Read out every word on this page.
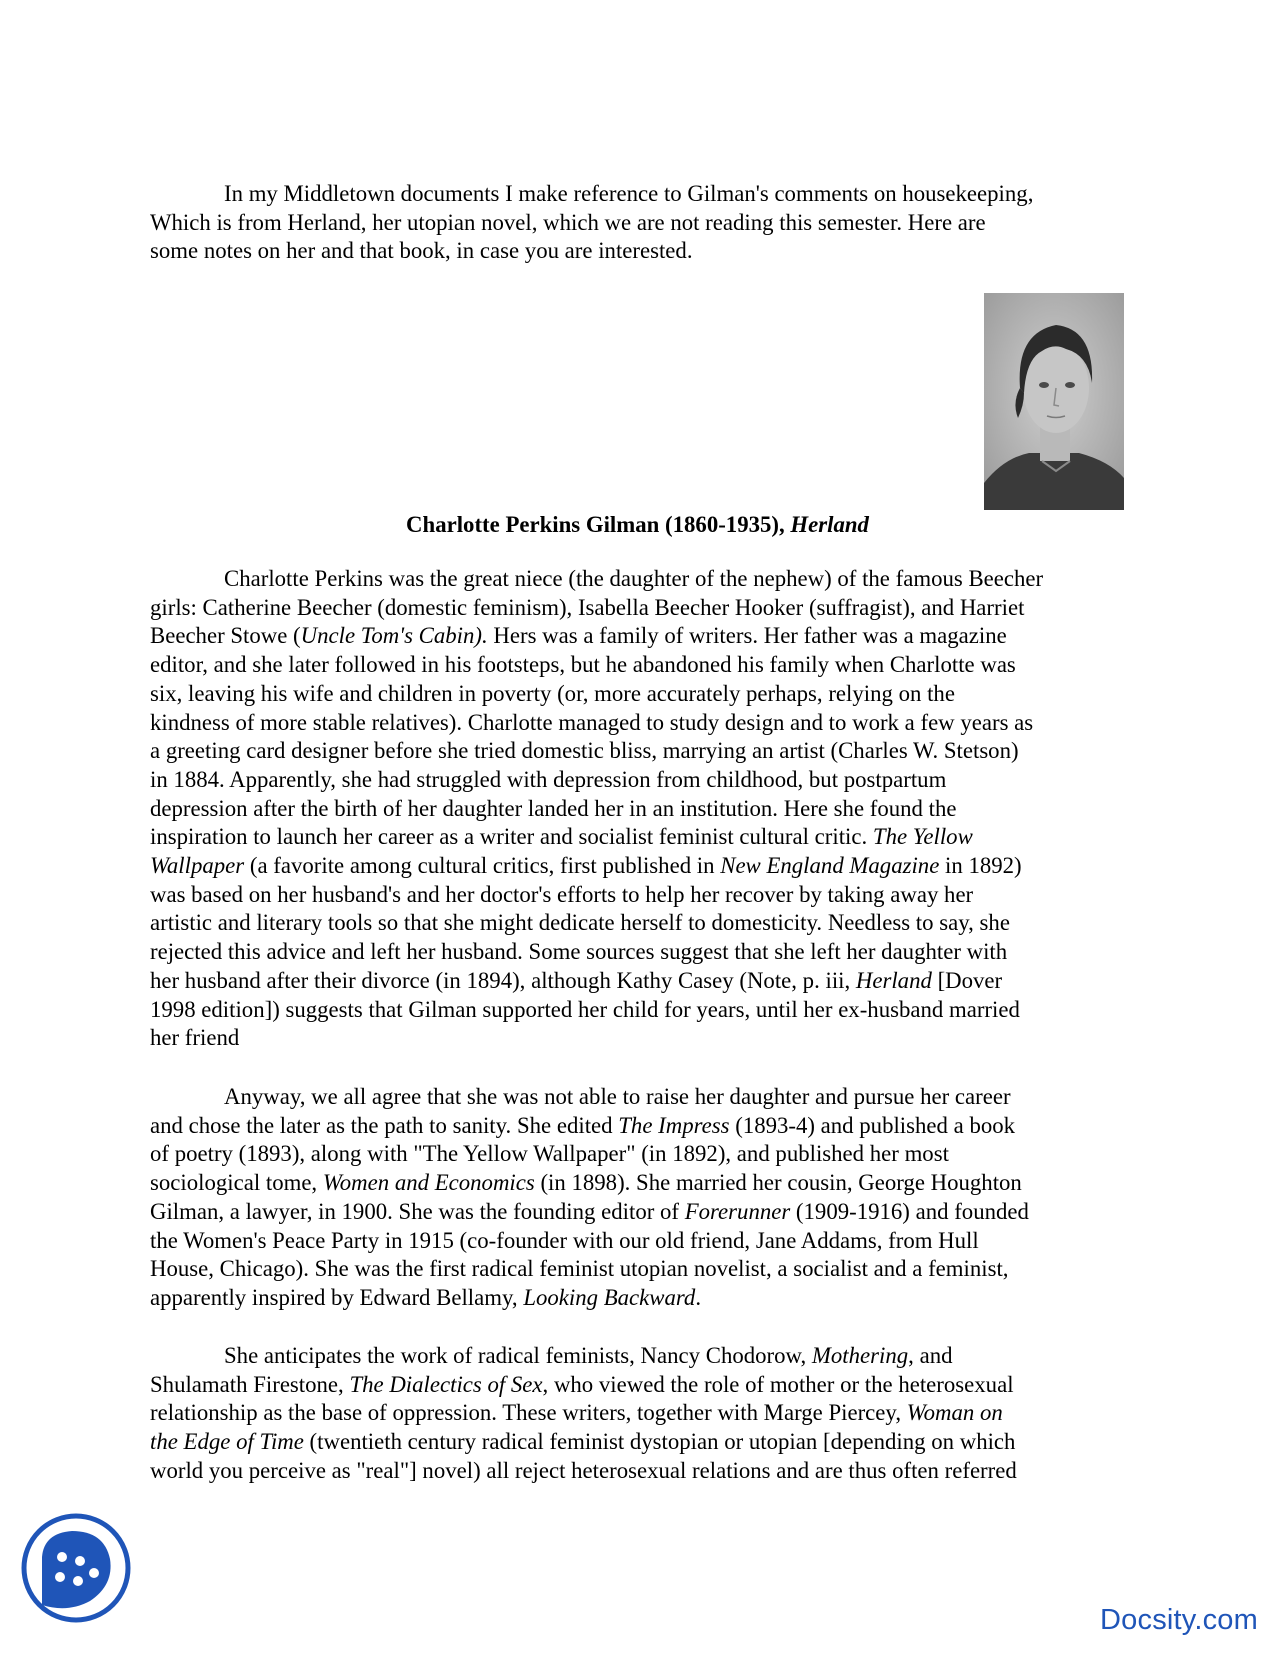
In my Middletown documents I make reference to Gilman's comments on housekeeping,
Which is from Herland, her utopian novel, which we are not reading this semester. Here are
some notes on her and that book, in case you are interested.

Charlotte Perkins Gilman (1860-1935), Herland
Charlotte Perkins was the great niece (the daughter of the nephew) of the famous Beecher
girls: Catherine Beecher (domestic feminism), Isabella Beecher Hooker (suffragist), and Harriet
Beecher Stowe (Uncle Tom's Cabin). Hers was a family of writers. Her father was a magazine
editor, and she later followed in his footsteps, but he abandoned his family when Charlotte was
six, leaving his wife and children in poverty (or, more accurately perhaps, relying on the
kindness of more stable relatives). Charlotte managed to study design and to work a few years as
a greeting card designer before she tried domestic bliss, marrying an artist (Charles W. Stetson)
in 1884. Apparently, she had struggled with depression from childhood, but postpartum
depression after the birth of her daughter landed her in an institution. Here she found the
inspiration to launch her career as a writer and socialist feminist cultural critic. The Yellow
Wallpaper (a favorite among cultural critics, first published in New England Magazine in 1892)
was based on her husband's and her doctor's efforts to help her recover by taking away her
artistic and literary tools so that she might dedicate herself to domesticity. Needless to say, she
rejected this advice and left her husband. Some sources suggest that she left her daughter with
her husband after their divorce (in 1894), although Kathy Casey (Note, p. iii, Herland [Dover
1998 edition]) suggests that Gilman supported her child for years, until her ex-husband married
her friend
Anyway, we all agree that she was not able to raise her daughter and pursue her career
and chose the later as the path to sanity. She edited The Impress (1893-4) and published a book
of poetry (1893), along with "The Yellow Wallpaper" (in 1892), and published her most
sociological tome, Women and Economics (in 1898). She married her cousin, George Houghton
Gilman, a lawyer, in 1900. She was the founding editor of Forerunner (1909-1916) and founded
the Women's Peace Party in 1915 (co-founder with our old friend, Jane Addams, from Hull
House, Chicago). She was the first radical feminist utopian novelist, a socialist and a feminist,
apparently inspired by Edward Bellamy, Looking Backward.
She anticipates the work of radical feminists, Nancy Chodorow, Mothering, and
Shulamath Firestone, The Dialectics of Sex, who viewed the role of mother or the heterosexual
relationship as the base of oppression. These writers, together with Marge Piercey, Woman on
the Edge of Time (twentieth century radical feminist dystopian or utopian [depending on which
world you perceive as "real"] novel) all reject heterosexual relations and are thus often referred
Docsity.com
